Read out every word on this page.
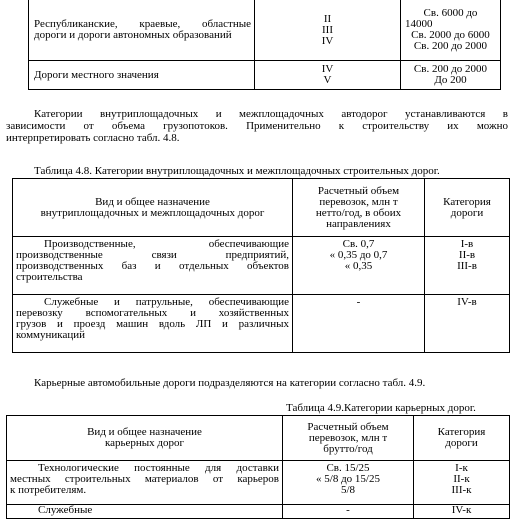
Республиканские, краевые, областные
дороги и дороги автономных образований	II
III
IV	Св. 6000 до
14000
Св. 2000 до 6000
Св. 200 до 2000

Дороги местного значения	IV
V	Св. 200 до 2000
До 200
Категории внутриплощадочных и межплощадочных автодорог устанавливаются в
зависимости от объема грузопотоков. Применительно к строительству их можно
интерпретировать согласно табл. 4.8.
Таблица 4.8. Категории внутриплощадочных и межплощадочных строительных дорог.
Вид и общее назначение
внутриплощадочных и межплощадочных дорог	Расчетный объем
перевозок, млн т
нетто/год, в обоих
направлениях	Категория
дороги

Производственные, обеспечивающие
производственные связи предприятий,
производственных баз и отдельных объектов
строительства	Св. 0,7
« 0,35 до 0,7
« 0,35	I-в
II-в
III-в

Служебные и патрульные, обеспечивающие
перевозку вспомогательных и хозяйственных
грузов и проезд машин вдоль ЛП и различных
коммуникаций	-	IV-в
Карьерные автомобильные дороги подразделяются на категории согласно табл. 4.9.
Таблица 4.9.Категории карьерных дорог.
Вид и общее назначение
карьерных дорог	Расчетный объем
перевозок, млн т
брутто/год	Категория
дороги

Технологические постоянные для доставки
местных строительных материалов от карьеров
к потребителям.	Св. 15/25
« 5/8 до 15/25
5/8	I-к
II-к
III-к

Служебные	-	IV-к
